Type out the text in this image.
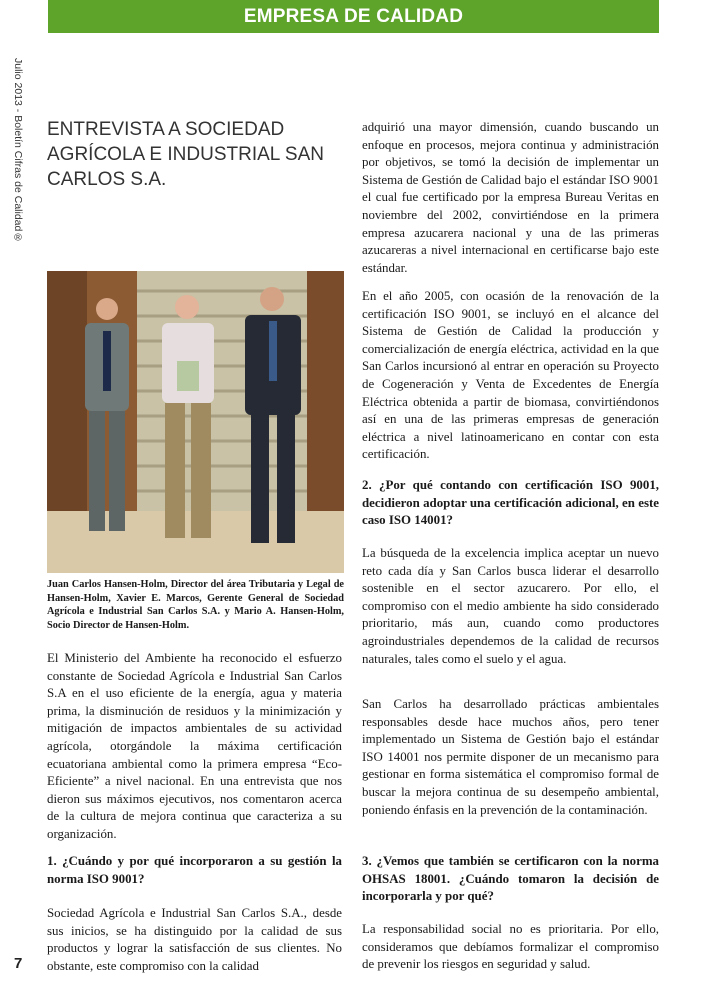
EMPRESA DE CALIDAD
Julio 2013 - Boletín Cifras de Calidad®
7
ENTREVISTA A SOCIEDAD AGRÍCOLA E INDUSTRIAL SAN CARLOS S.A.
Juan Carlos Hansen-Holm, Director del área Tributaria y Legal de Hansen-Holm, Xavier E. Marcos, Gerente General de Sociedad Agrícola e Industrial San Carlos S.A. y Mario A. Hansen-Holm, Socio Director de Hansen-Holm.

El Ministerio del Ambiente ha reconocido el esfuerzo constante de Sociedad Agrícola e Industrial San Carlos S.A en el uso eficiente de la energía, agua y materia prima, la disminución de residuos y la minimización y mitigación de impactos ambientales de su actividad agrícola, otorgándole la máxima certificación ecuatoriana ambiental como la primera empresa “Eco- Eficiente” a nivel nacional. En una entrevista que nos dieron sus máximos ejecutivos, nos comentaron acerca de la cultura de mejora continua que caracteriza a su organización.

1. ¿Cuándo y por qué incorporaron a su gestión la norma ISO 9001?

Sociedad Agrícola e Industrial San Carlos S.A., desde sus inicios, se ha distinguido por la calidad de sus productos y lograr la satisfacción de sus clientes. No obstante, este compromiso con la calidad

adquirió una mayor dimensión, cuando buscando un enfoque en procesos, mejora continua y administración por objetivos, se tomó la decisión de implementar un Sistema de Gestión de Calidad bajo el estándar ISO 9001 el cual fue certificado por la empresa Bureau Veritas en noviembre del 2002, convirtiéndose en la primera empresa azucarera nacional y una de las primeras azucareras a nivel internacional en certificarse bajo este estándar.

En el año 2005, con ocasión de la renovación de la certificación ISO 9001, se incluyó en el alcance del Sistema de Gestión de Calidad la producción y comercialización de energía eléctrica, actividad en la que San Carlos incursionó al entrar en operación su Proyecto de Cogeneración y Venta de Excedentes de Energía Eléctrica obtenida a partir de biomasa, convirtiéndonos así en una de las primeras empresas de generación eléctrica a nivel latinoamericano en contar con esta certificación.

2. ¿Por qué contando con certificación ISO 9001, decidieron adoptar una certificación adicional, en este caso ISO 14001?

La búsqueda de la excelencia implica aceptar un nuevo reto cada día y San Carlos busca liderar el desarrollo sostenible en el sector azucarero. Por ello, el compromiso con el medio ambiente ha sido considerado prioritario, más aun, cuando como productores agroindustriales dependemos de la calidad de recursos naturales, tales como el suelo y el agua.

San Carlos ha desarrollado prácticas ambientales responsables desde hace muchos años, pero tener implementado un Sistema de Gestión bajo el estándar ISO 14001 nos permite disponer de un mecanismo para gestionar en forma sistemática el compromiso formal de buscar la mejora continua de su desempeño ambiental, poniendo énfasis en la prevención de la contaminación.

3. ¿Vemos que también se certificaron con la norma OHSAS 18001. ¿Cuándo tomaron la decisión de incorporarla y por qué?

La responsabilidad social no es prioritaria. Por ello, consideramos que debíamos formalizar el compromiso de prevenir los riesgos en seguridad y salud.
